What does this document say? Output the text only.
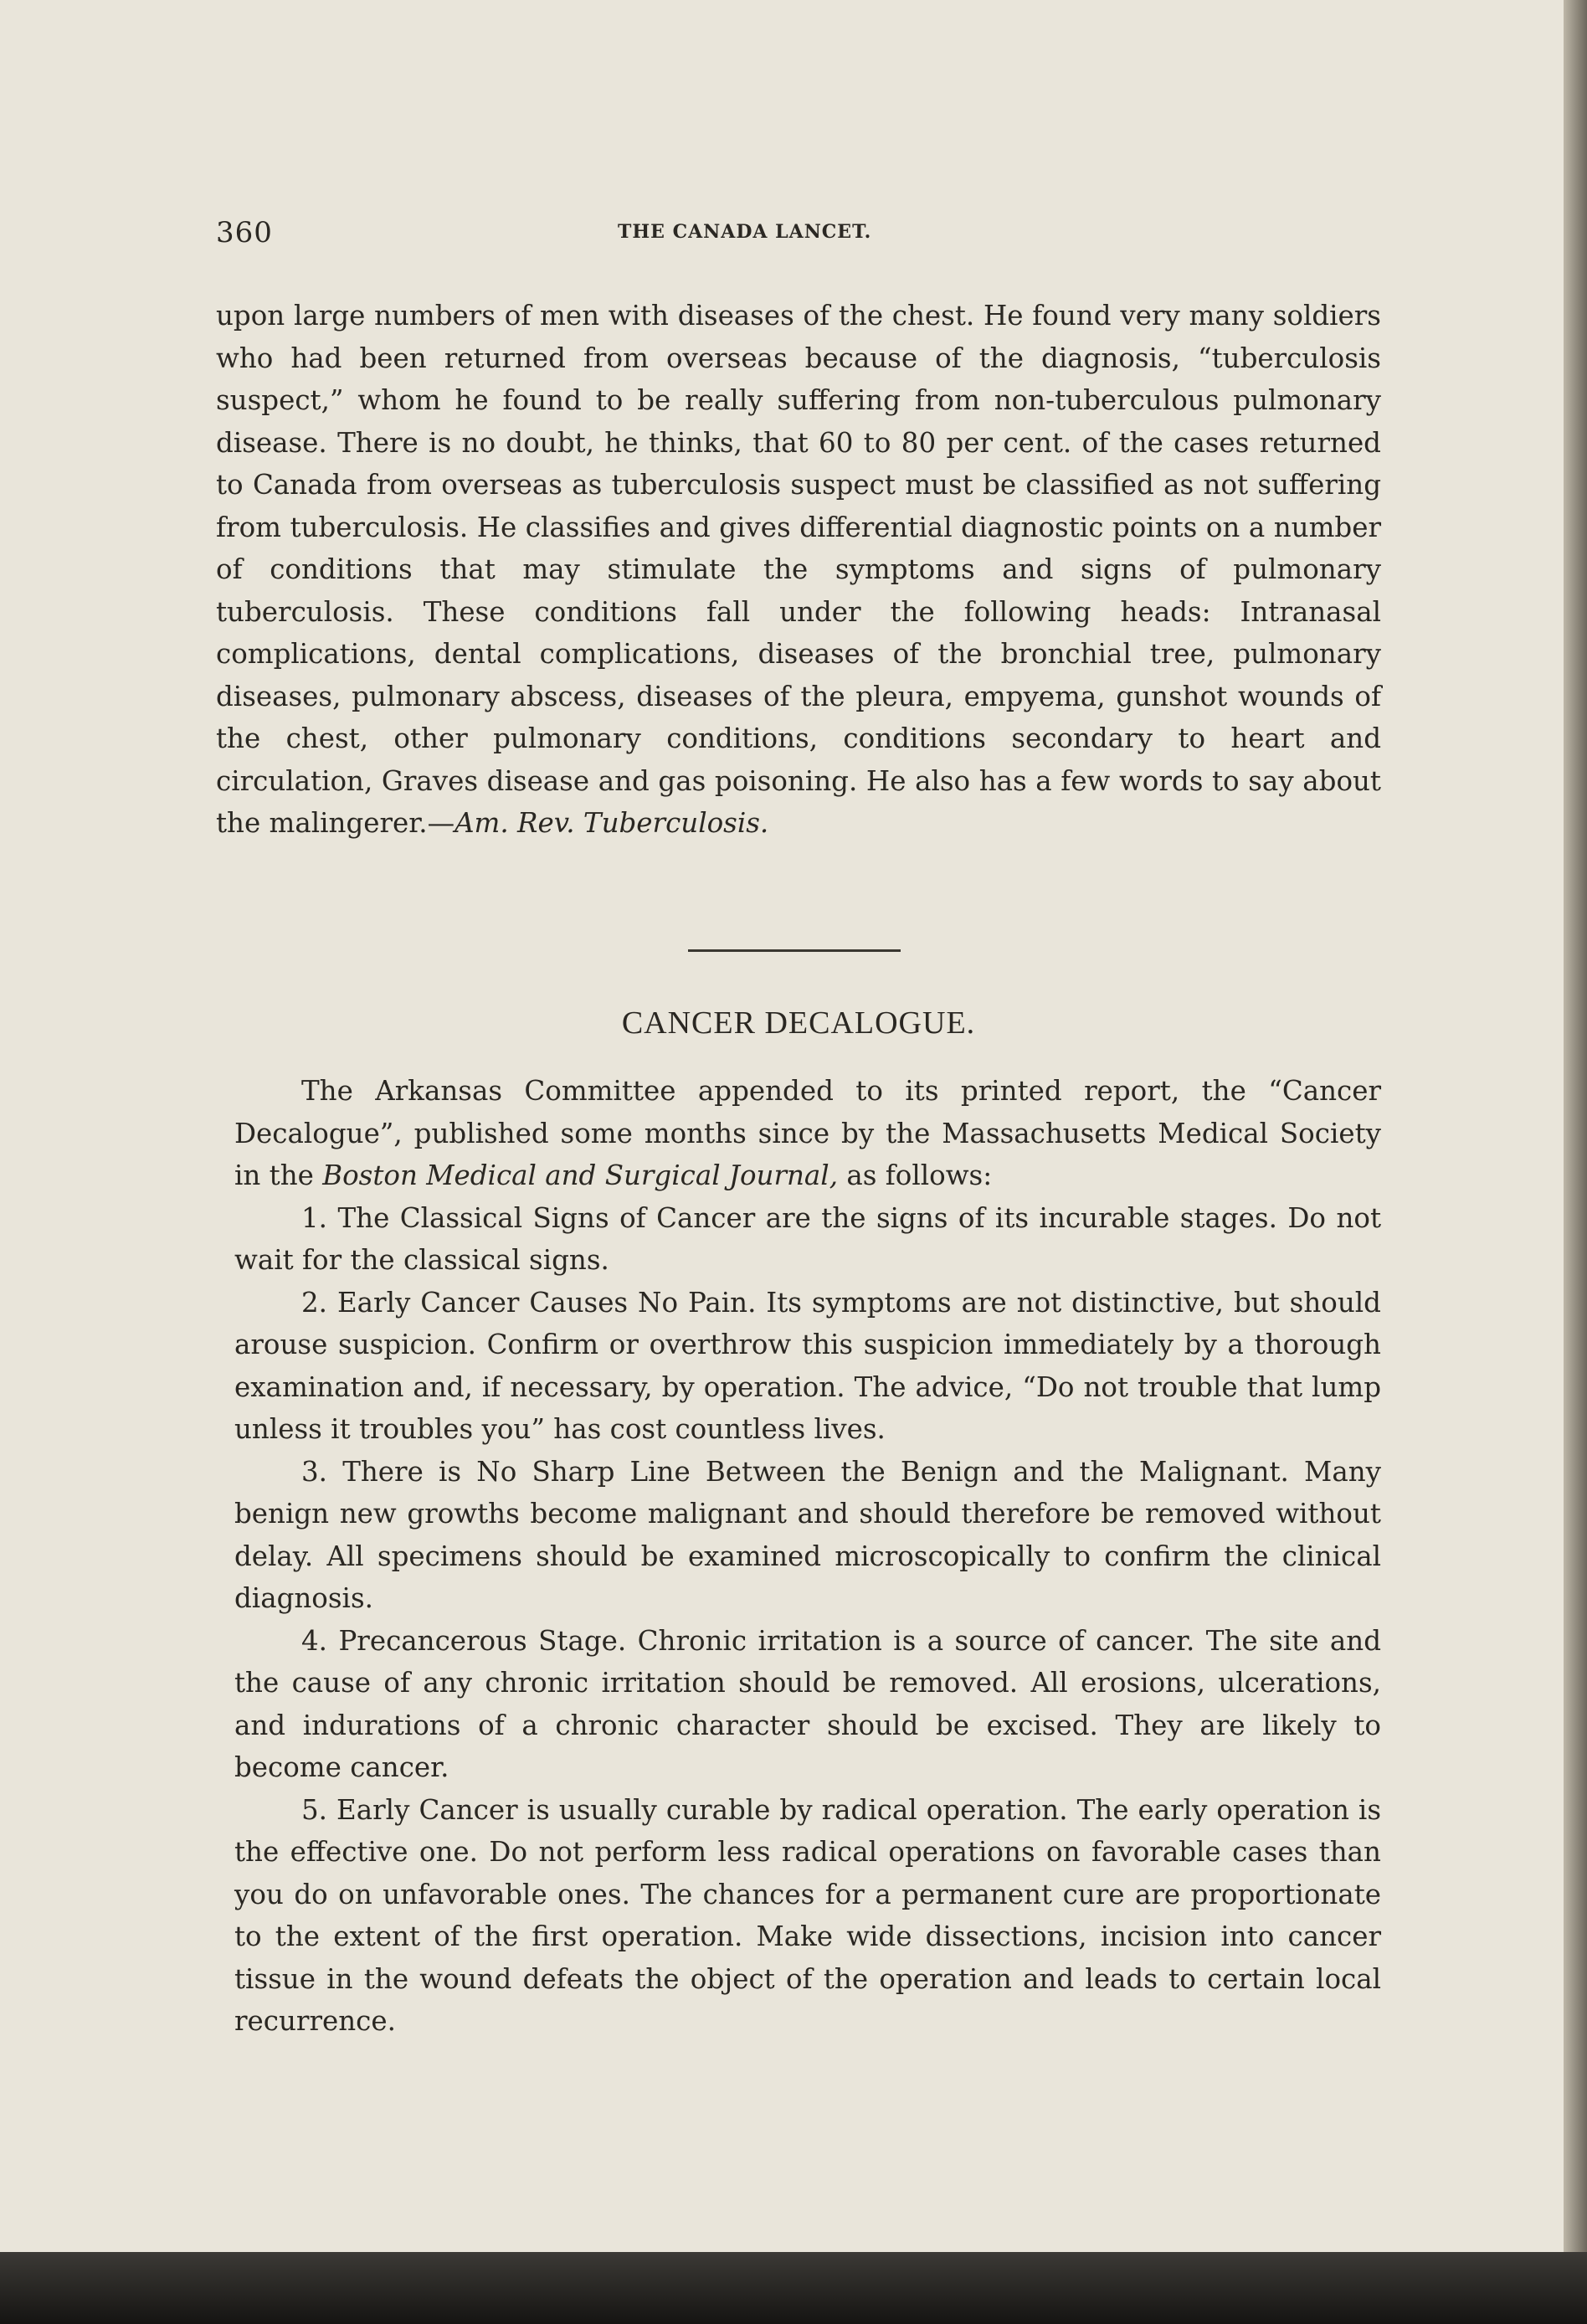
360	THE CANADA LANCET.

upon large numbers of men with diseases of the chest. He found very many soldiers who had been returned from overseas because of the diagnosis, “tuberculosis suspect,” whom he found to be really suffering from non-tuberculous pulmonary disease. There is no doubt, he thinks, that 60 to 80 per cent. of the cases returned to Canada from overseas as tuberculosis suspect must be classified as not suffering from tuberculosis. He classifies and gives differential diagnostic points on a number of conditions that may stimulate the symptoms and signs of pulmonary tuberculosis. These conditions fall under the following heads: Intranasal complications, dental complications, diseases of the bronchial tree, pulmonary diseases, pulmonary abscess, diseases of the pleura, empyema, gunshot wounds of the chest, other pulmonary conditions, conditions secondary to heart and circulation, Graves disease and gas poisoning. He also has a few words to say about the malingerer.—Am. Rev. Tuberculosis.

CANCER DECALOGUE.

The Arkansas Committee appended to its printed report, the “Cancer Decalogue”, published some months since by the Massachusetts Medical Society in the Boston Medical and Surgical Journal, as follows:

1. The Classical Signs of Cancer are the signs of its incurable stages. Do not wait for the classical signs.

2. Early Cancer Causes No Pain. Its symptoms are not distinctive, but should arouse suspicion. Confirm or overthrow this suspicion immediately by a thorough examination and, if necessary, by operation. The advice, “Do not trouble that lump unless it troubles you” has cost countless lives.

3. There is No Sharp Line Between the Benign and the Malignant. Many benign new growths become malignant and should therefore be removed without delay. All specimens should be examined microscopically to confirm the clinical diagnosis.

4. Precancerous Stage. Chronic irritation is a source of cancer. The site and the cause of any chronic irritation should be removed. All erosions, ulcerations, and indurations of a chronic character should be excised. They are likely to become cancer.

5. Early Cancer is usually curable by radical operation. The early operation is the effective one. Do not perform less radical operations on favorable cases than you do on unfavorable ones. The chances for a permanent cure are proportionate to the extent of the first operation. Make wide dissections, incision into cancer tissue in the wound defeats the object of the operation and leads to certain local recurrence.
